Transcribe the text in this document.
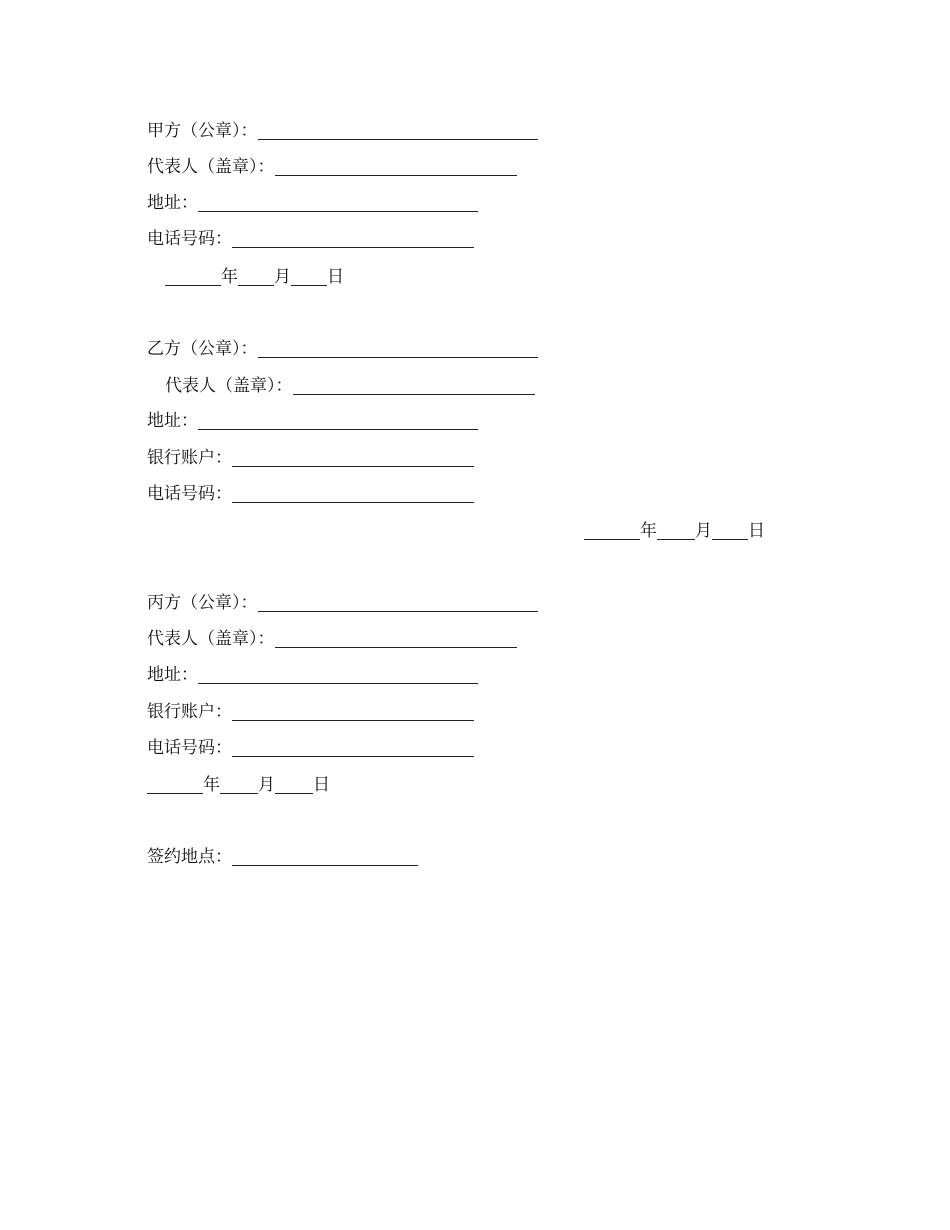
甲方（公章）：
代表人（盖章）：
地址：
电话号码：
年 月 日
乙方（公章）：
代表人（盖章）：
地址：
银行账户：
电话号码：
年 月 日
丙方（公章）：
代表人（盖章）：
地址：
银行账户：
电话号码：
年 月 日
签约地点：
